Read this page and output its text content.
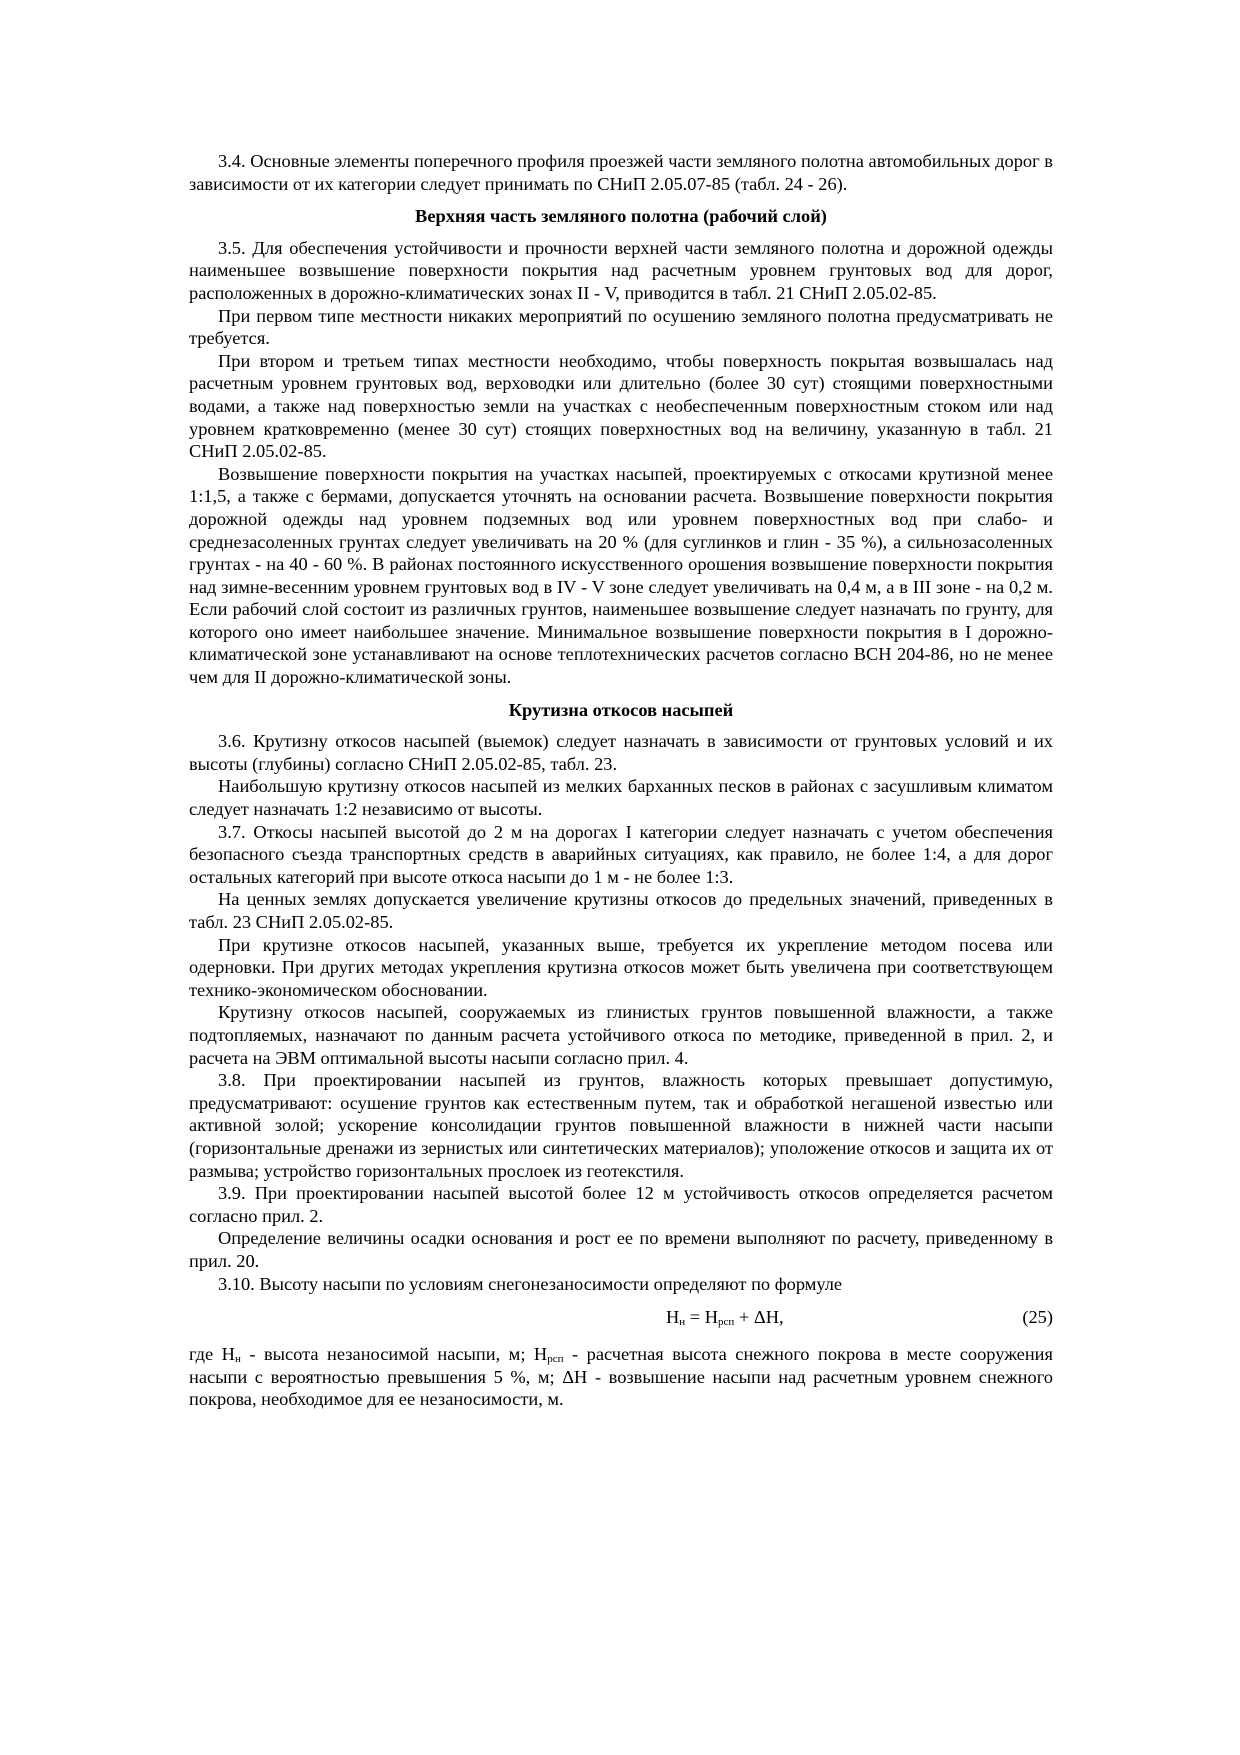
3.4. Основные элементы поперечного профиля проезжей части земляного полотна автомобильных дорог в зависимости от их категории следует принимать по СНиП 2.05.07-85 (табл. 24 - 26).

Верхняя часть земляного полотна (рабочий слой)

3.5. Для обеспечения устойчивости и прочности верхней части земляного полотна и дорожной одежды наименьшее возвышение поверхности покрытия над расчетным уровнем грунтовых вод для дорог, расположенных в дорожно-климатических зонах II - V, приводится в табл. 21 СНиП 2.05.02-85.

При первом типе местности никаких мероприятий по осушению земляного полотна предусматривать не требуется.

При втором и третьем типах местности необходимо, чтобы поверхность покрытая возвышалась над расчетным уровнем грунтовых вод, верховодки или длительно (более 30 сут) стоящими поверхностными водами, а также над поверхностью земли на участках с необеспеченным поверхностным стоком или над уровнем кратковременно (менее 30 сут) стоящих поверхностных вод на величину, указанную в табл. 21 СНиП 2.05.02-85.

Возвышение поверхности покрытия на участках насыпей, проектируемых с откосами крутизной менее 1:1,5, а также с бермами, допускается уточнять на основании расчета. Возвышение поверхности покрытия дорожной одежды над уровнем подземных вод или уровнем поверхностных вод при слабо- и среднезасоленных грунтах следует увеличивать на 20 % (для суглинков и глин - 35 %), а сильнозасоленных грунтах - на 40 - 60 %. В районах постоянного искусственного орошения возвышение поверхности покрытия над зимне-весенним уровнем грунтовых вод в IV - V зоне следует увеличивать на 0,4 м, а в III зоне - на 0,2 м. Если рабочий слой состоит из различных грунтов, наименьшее возвышение следует назначать по грунту, для которого оно имеет наибольшее значение. Минимальное возвышение поверхности покрытия в I дорожно-климатической зоне устанавливают на основе теплотехнических расчетов согласно ВСН 204-86, но не менее чем для II дорожно-климатической зоны.

Крутизна откосов насыпей

3.6. Крутизну откосов насыпей (выемок) следует назначать в зависимости от грунтовых условий и их высоты (глубины) согласно СНиП 2.05.02-85, табл. 23.

Наибольшую крутизну откосов насыпей из мелких барханных песков в районах с засушливым климатом следует назначать 1:2 независимо от высоты.

3.7. Откосы насыпей высотой до 2 м на дорогах I категории следует назначать с учетом обеспечения безопасного съезда транспортных средств в аварийных ситуациях, как правило, не более 1:4, а для дорог остальных категорий при высоте откоса насыпи до 1 м - не более 1:3.

На ценных землях допускается увеличение крутизны откосов до предельных значений, приведенных в табл. 23 СНиП 2.05.02-85.

При крутизне откосов насыпей, указанных выше, требуется их укрепление методом посева или одерновки. При других методах укрепления крутизна откосов может быть увеличена при соответствующем технико-экономическом обосновании.

Крутизну откосов насыпей, сооружаемых из глинистых грунтов повышенной влажности, а также подтопляемых, назначают по данным расчета устойчивого откоса по методике, приведенной в прил. 2, и расчета на ЭВМ оптимальной высоты насыпи согласно прил. 4.

3.8. При проектировании насыпей из грунтов, влажность которых превышает допустимую, предусматривают: осушение грунтов как естественным путем, так и обработкой негашеной известью или активной золой; ускорение консолидации грунтов повышенной влажности в нижней части насыпи (горизонтальные дренажи из зернистых или синтетических материалов); уположение откосов и защита их от размыва; устройство горизонтальных прослоек из геотекстиля.

3.9. При проектировании насыпей высотой более 12 м устойчивость откосов определяется расчетом согласно прил. 2.

Определение величины осадки основания и рост ее по времени выполняют по расчету, приведенному в прил. 20.

3.10. Высоту насыпи по условиям снегонезаносимости определяют по формуле

$H_н = H_{рсп} + \Delta H$,	(25)

где $H_н$ - высота незаносимой насыпи, м; $H_{рсп}$ - расчетная высота снежного покрова в месте сооружения насыпи с вероятностью превышения 5 %, м; ΔH - возвышение насыпи над расчетным уровнем снежного покрова, необходимое для ее незаносимости, м.
